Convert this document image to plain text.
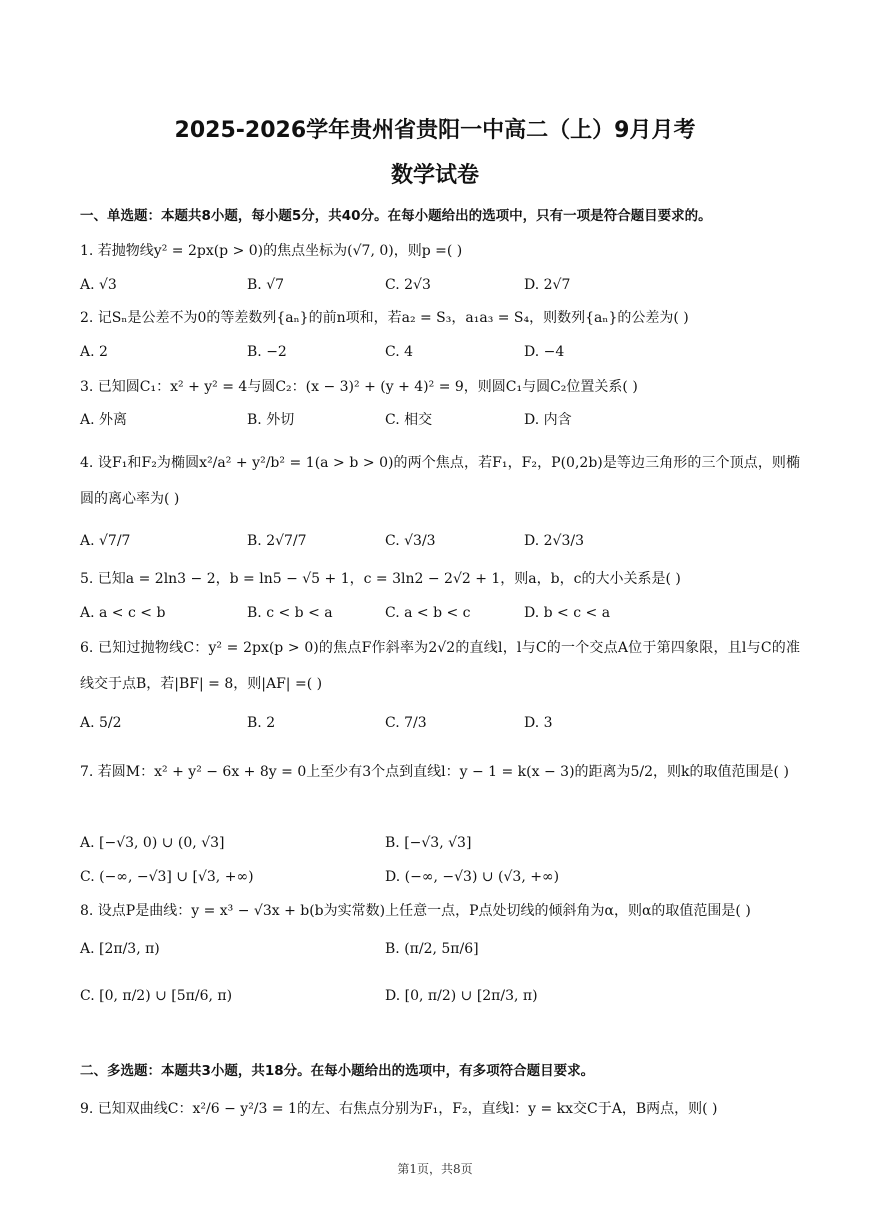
2025-2026学年贵州省贵阳一中高二（上）9月月考
数学试卷
一、单选题：本题共8小题，每小题5分，共40分。在每小题给出的选项中，只有一项是符合题目要求的。
1. 若抛物线y² = 2px(p > 0)的焦点坐标为(√7, 0)，则p =( )
A. √3	B. √7	C. 2√3	D. 2√7
2. 记Sₙ是公差不为0的等差数列{aₙ}的前n项和，若a₂ = S₃，a₁a₃ = S₄，则数列{aₙ}的公差为( )
A. 2	B. −2	C. 4	D. −4
3. 已知圆C₁：x² + y² = 4与圆C₂：(x − 3)² + (y + 4)² = 9，则圆C₁与圆C₂位置关系( )
A. 外离	B. 外切	C. 相交	D. 内含
4. 设F₁和F₂为椭圆x²/a² + y²/b² = 1(a > b > 0)的两个焦点，若F₁，F₂，P(0,2b)是等边三角形的三个顶点，则椭圆的离心率为( )
A. √7/7	B. 2√7/7	C. √3/3	D. 2√3/3
5. 已知a = 2ln3 − 2，b = ln5 − √5 + 1，c = 3ln2 − 2√2 + 1，则a，b，c的大小关系是( )
A. a < c < b	B. c < b < a	C. a < b < c	D. b < c < a
6. 已知过抛物线C：y² = 2px(p > 0)的焦点F作斜率为2√2的直线l，l与C的一个交点A位于第四象限，且l与C的准线交于点B，若|BF| = 8，则|AF| =( )
A. 5/2	B. 2	C. 7/3	D. 3
7. 若圆M：x² + y² − 6x + 8y = 0上至少有3个点到直线l：y − 1 = k(x − 3)的距离为5/2，则k的取值范围是( )
A. [−√3, 0) ∪ (0, √3]	B. [−√3, √3]
C. (−∞, −√3] ∪ [√3, +∞)	D. (−∞, −√3) ∪ (√3, +∞)
8. 设点P是曲线：y = x³ − √3x + b(b为实常数)上任意一点，P点处切线的倾斜角为α，则α的取值范围是( )
A. [2π/3, π)	B. (π/2, 5π/6]
C. [0, π/2) ∪ [5π/6, π)	D. [0, π/2) ∪ [2π/3, π)
二、多选题：本题共3小题，共18分。在每小题给出的选项中，有多项符合题目要求。
9. 已知双曲线C：x²/6 − y²/3 = 1的左、右焦点分别为F₁，F₂，直线l：y = kx交C于A，B两点，则( )
第1页，共8页
